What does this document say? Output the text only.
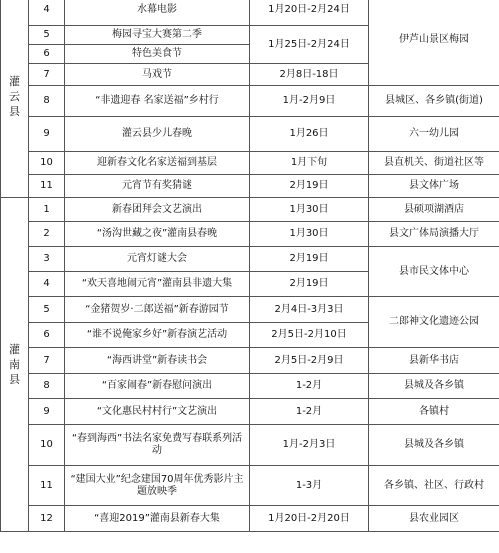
灌
云
县	4	水幕电影	1月20日-2月24日	伊芦山景区梅园
	5	梅园寻宝大赛第二季	1月25日-2月24日	
	6	特色美食节		
	7	马戏节	2月8日-18日	
	8	“非遗迎春 名家送福”乡村行	1月-2月9日	县城区、各乡镇(街道)
	9	灌云县少儿春晚	1月26日	六一幼儿园
	10	迎新春文化名家送福到基层	1月下旬	县直机关、街道社区等
	11	元宵节有奖猜谜	2月19日	县文体广场

灌
南
县	1	新春团拜会文艺演出	1月30日	县硕项湖酒店
	2	“汤沟世藏之夜”灌南县春晚	1月30日	县文广体局演播大厅
	3	元宵灯谜大会	2月19日	县市民文体中心
	4	“欢天喜地闹元宵”灌南县非遗大集	2月19日	
	5	“金猪贺岁·二郎送福”新春游园节	2月4日-3月3日	二郎神文化遗迹公园
	6	“谁不说俺家乡好”新春演艺活动	2月5日-2月10日	
	7	“海西讲堂”新春读书会	2月5日-2月9日	县新华书店
	8	“百家闹春”新春慰问演出	1-2月	县城及各乡镇
	9	“文化惠民村村行”文艺演出	1-2月	各镇村
	10	“春到海西”书法名家免费写春联系列活动	1月-2月3日	县城及各乡镇
	11	“建国大业”纪念建国70周年优秀影片主题放映季	1-3月	各乡镇、社区、行政村
	12	“喜迎2019”灌南县新春大集	1月20日-2月20日	县农业园区
